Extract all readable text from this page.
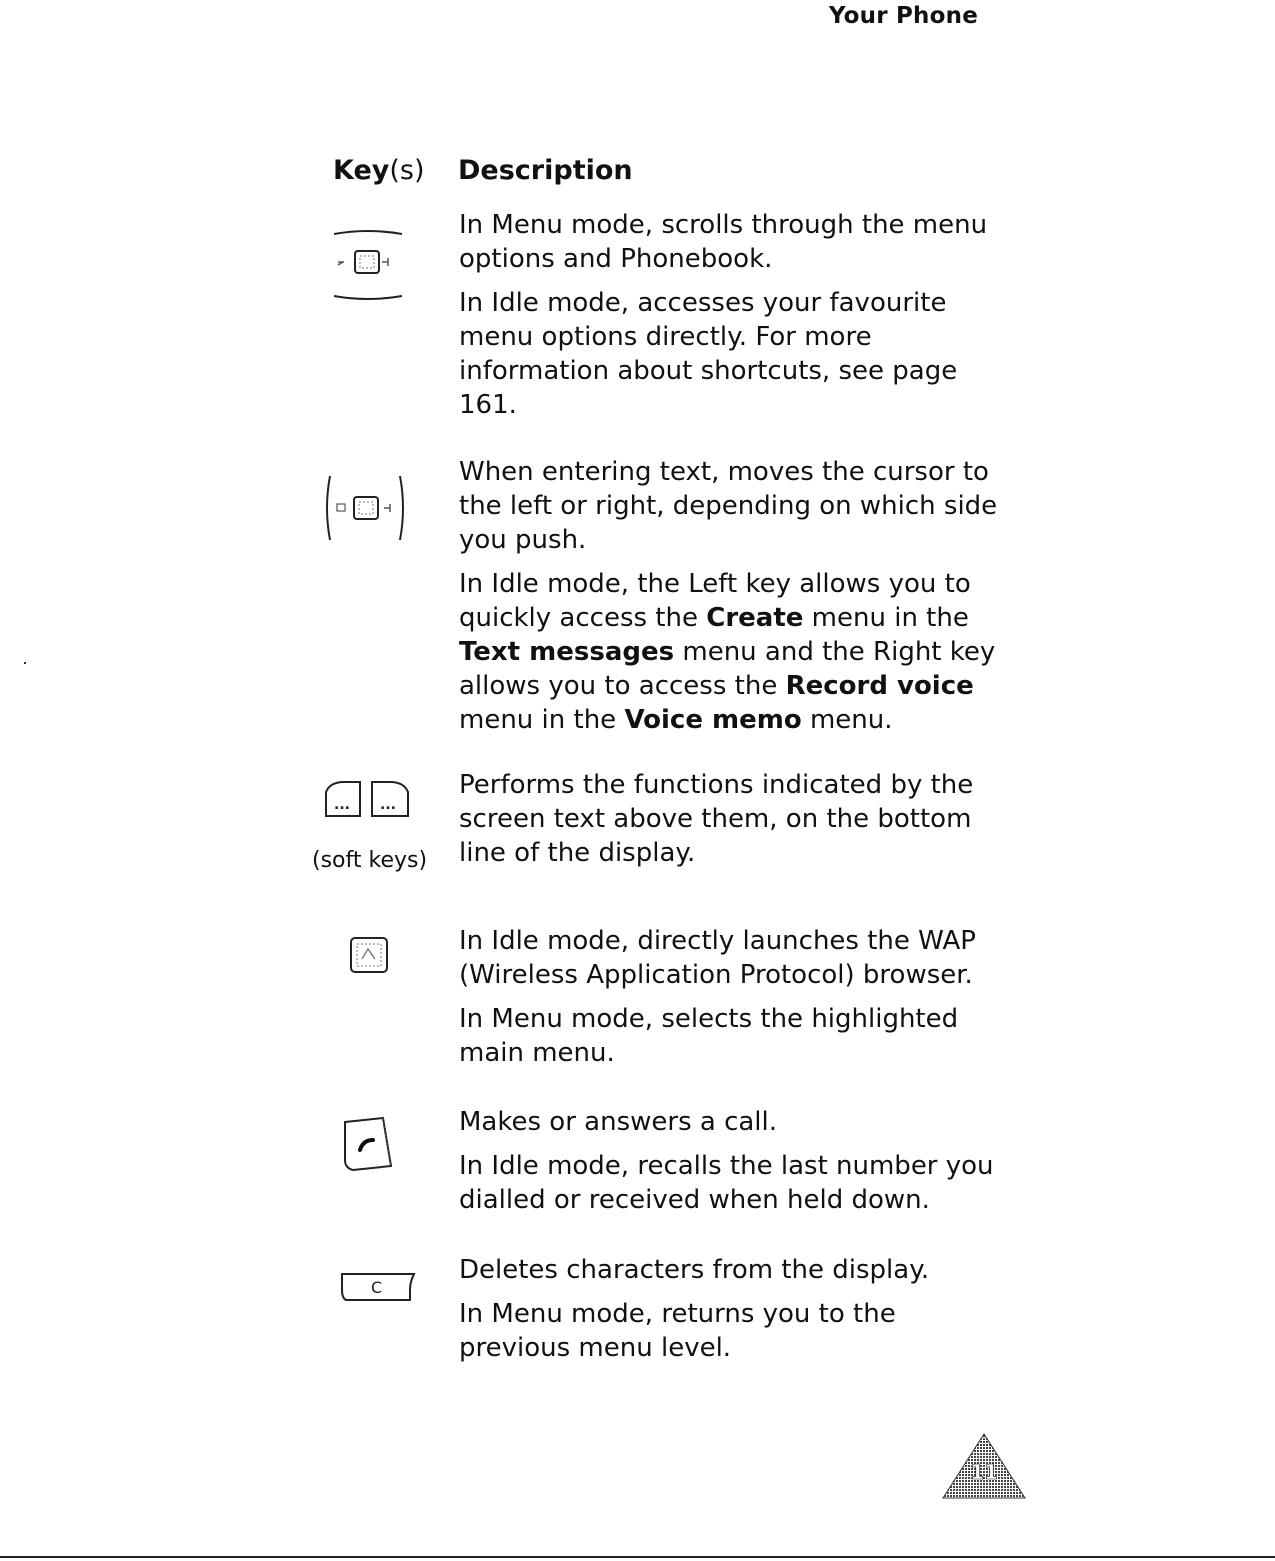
Your Phone
Key(s) Description

In Menu mode, scrolls through the menu options and Phonebook.

In Idle mode, accesses your favourite menu options directly. For more information about shortcuts, see page 161.

When entering text, moves the cursor to the left or right, depending on which side you push.

In Idle mode, the Left key allows you to quickly access the Create menu in the Text messages menu and the Right key allows you to access the Record voice menu in the Voice memo menu.

... ...
(soft keys)

Performs the functions indicated by the screen text above them, on the bottom line of the display.

In Idle mode, directly launches the WAP (Wireless Application Protocol) browser.

In Menu mode, selects the highlighted main menu.

Makes or answers a call.

In Idle mode, recalls the last number you dialled or received when held down.

C

Deletes characters from the display.

In Menu mode, returns you to the previous menu level.

11
